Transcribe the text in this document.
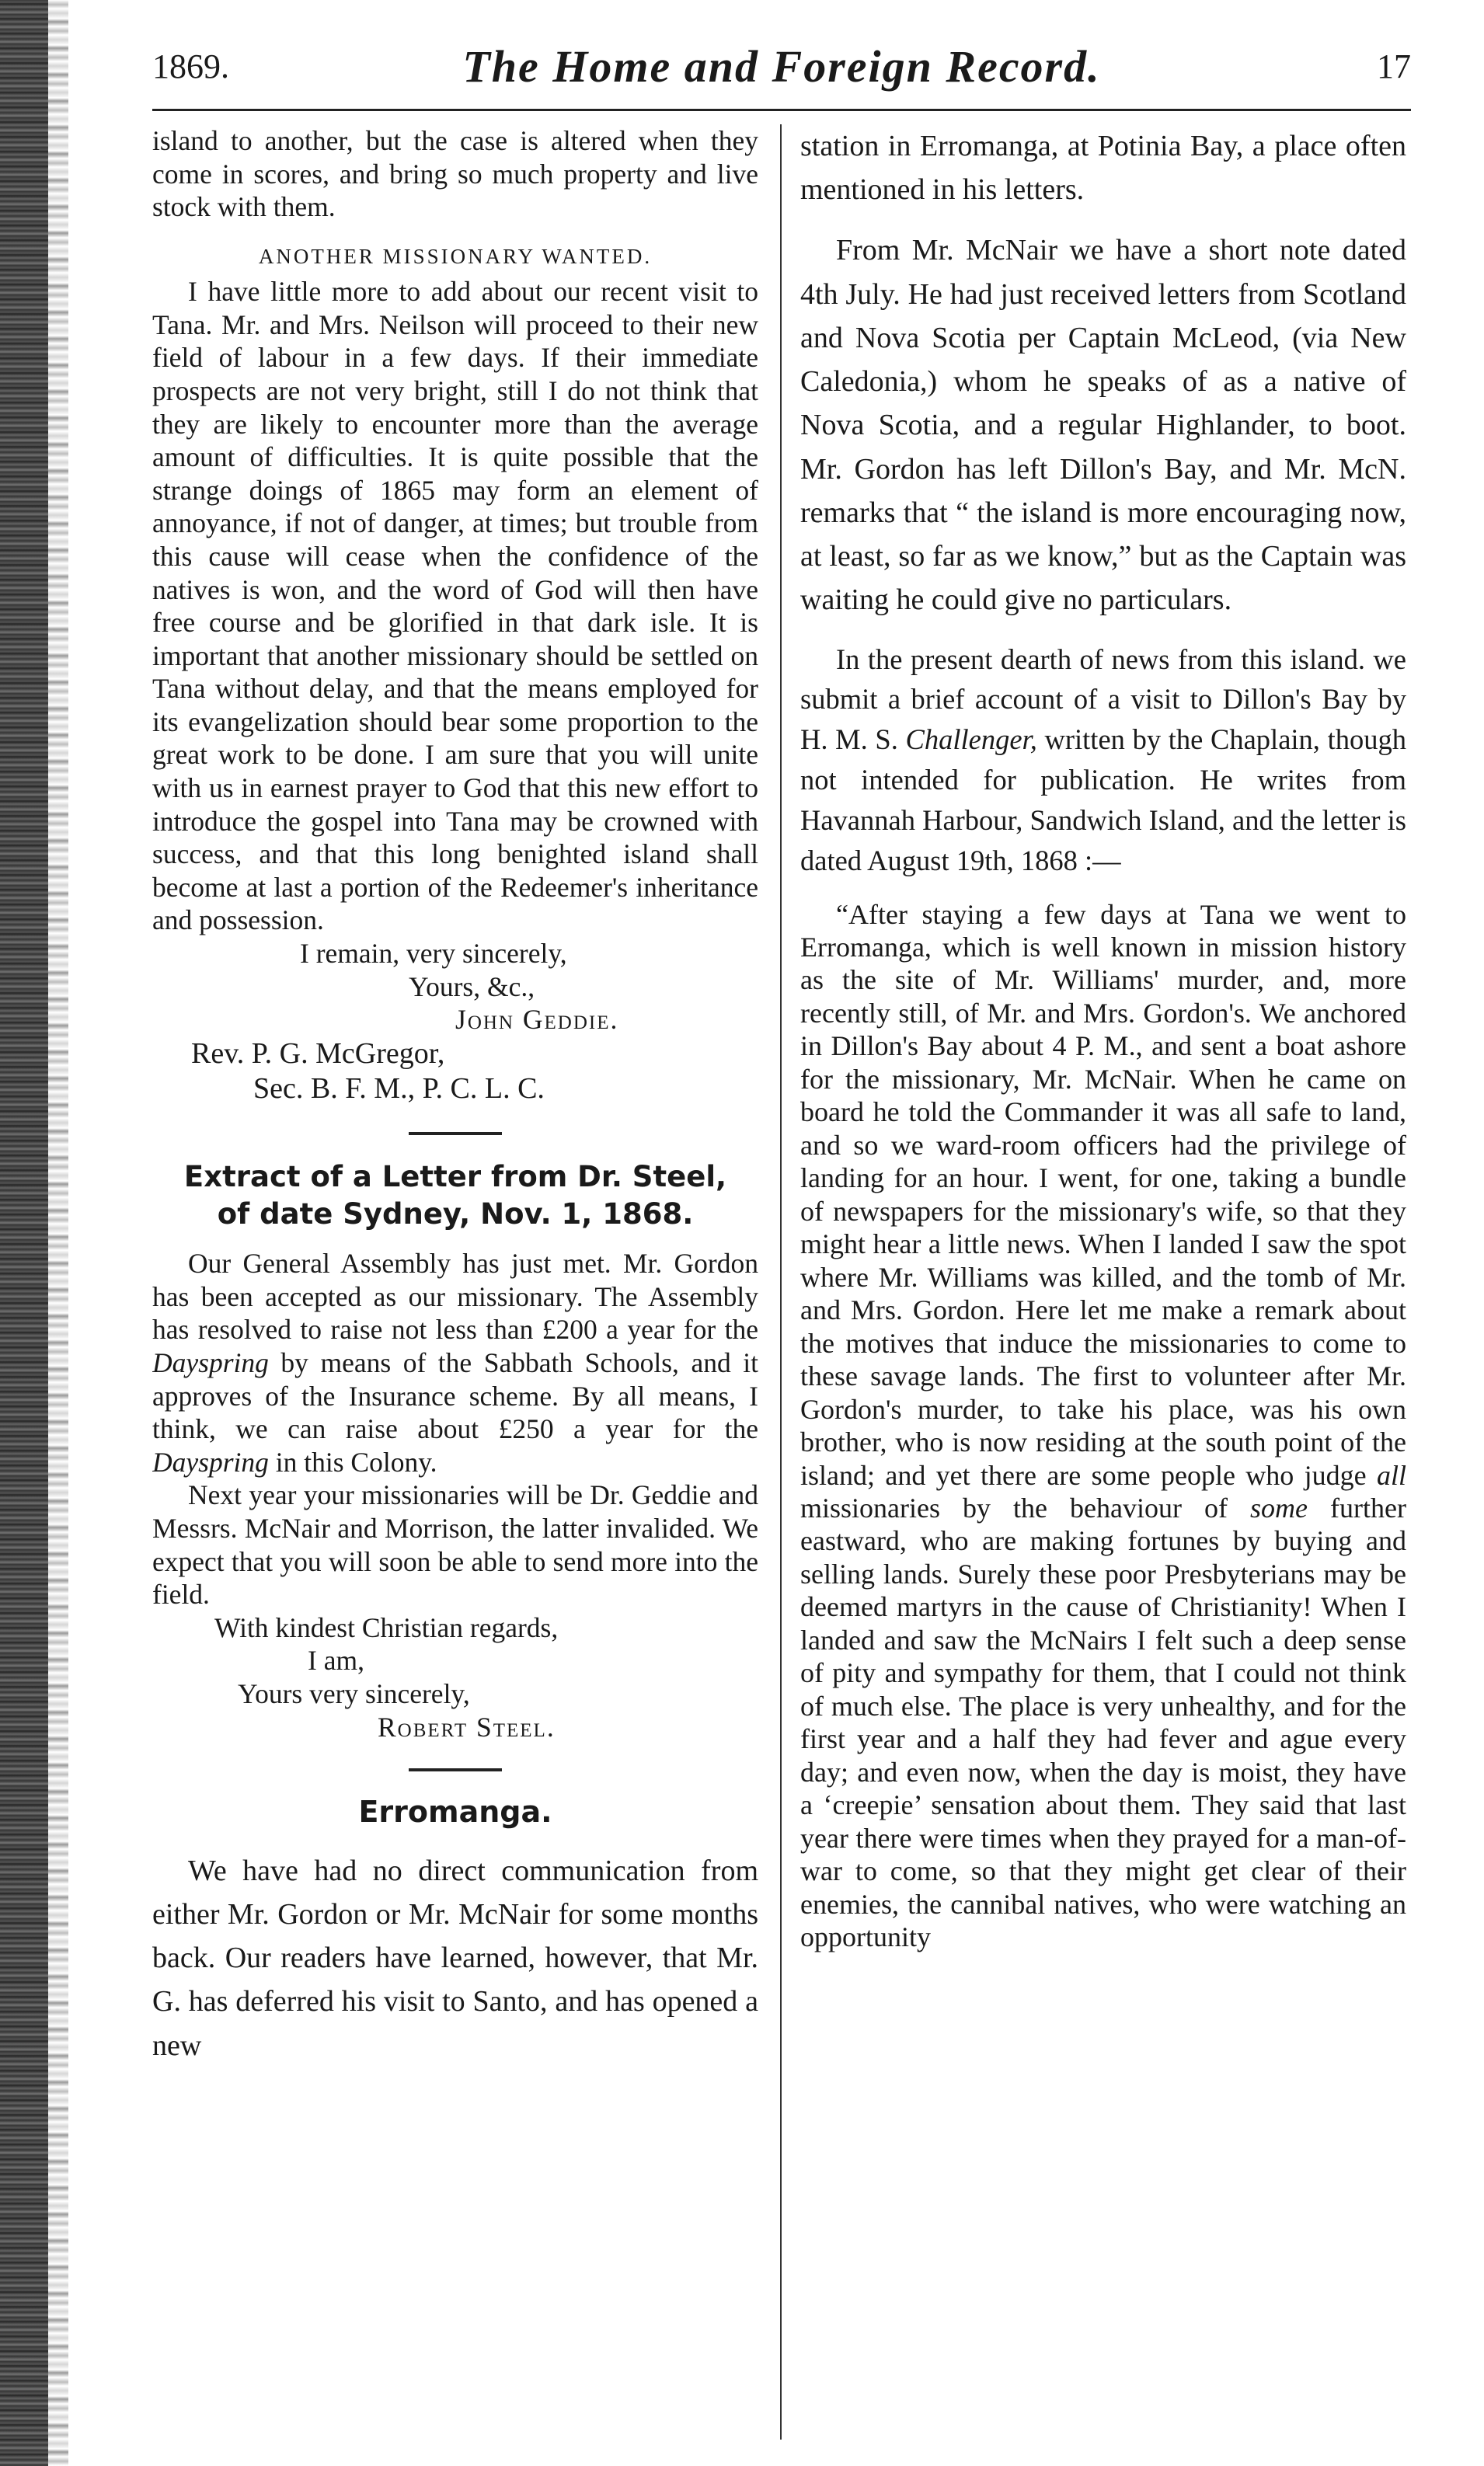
1869.	The Home and Foreign Record.	17

island to another, but the case is altered when they come in scores, and bring so much property and live stock with them.

ANOTHER MISSIONARY WANTED.

I have little more to add about our recent visit to Tana. Mr. and Mrs. Neilson will proceed to their new field of labour in a few days. If their immediate prospects are not very bright, still I do not think that they are likely to encounter more than the average amount of difficulties. It is quite possible that the strange doings of 1865 may form an element of annoyance, if not of danger, at times; but trouble from this cause will cease when the confidence of the natives is won, and the word of God will then have free course and be glorified in that dark isle. It is important that another missionary should be settled on Tana without delay, and that the means employed for its evangelization should bear some proportion to the great work to be done. I am sure that you will unite with us in earnest prayer to God that this new effort to introduce the gospel into Tana may be crowned with success, and that this long benighted island shall become at last a portion of the Redeemer's inheritance and possession.

I remain, very sincerely,

Yours, &c.,

John Geddie.

Rev. P. G. McGregor,

Sec. B. F. M., P. C. L. C.

Extract of a Letter from Dr. Steel,
of date Sydney, Nov. 1, 1868.

Our General Assembly has just met. Mr. Gordon has been accepted as our missionary. The Assembly has resolved to raise not less than £200 a year for the Dayspring by means of the Sabbath Schools, and it approves of the Insurance scheme. By all means, I think, we can raise about £250 a year for the Dayspring in this Colony.

Next year your missionaries will be Dr. Geddie and Messrs. McNair and Morrison, the latter invalided. We expect that you will soon be able to send more into the field.

With kindest Christian regards,

I am,

Yours very sincerely,

Robert Steel.

Erromanga.

We have had no direct communication from either Mr. Gordon or Mr. McNair for some months back. Our readers have learned, however, that Mr. G. has deferred his visit to Santo, and has opened a new

station in Erromanga, at Potinia Bay, a place often mentioned in his letters.

From Mr. McNair we have a short note dated 4th July. He had just received letters from Scotland and Nova Scotia per Captain McLeod, (via New Caledonia,) whom he speaks of as a native of Nova Scotia, and a regular Highlander, to boot. Mr. Gordon has left Dillon's Bay, and Mr. McN. remarks that “ the island is more encouraging now, at least, so far as we know,” but as the Captain was waiting he could give no particulars.

In the present dearth of news from this island. we submit a brief account of a visit to Dillon's Bay by H. M. S. Challenger, written by the Chaplain, though not intended for publication. He writes from Havannah Harbour, Sandwich Island, and the letter is dated August 19th, 1868 :—

“After staying a few days at Tana we went to Erromanga, which is well known in mission history as the site of Mr. Williams' murder, and, more recently still, of Mr. and Mrs. Gordon's. We anchored in Dillon's Bay about 4 P. M., and sent a boat ashore for the missionary, Mr. McNair. When he came on board he told the Commander it was all safe to land, and so we ward-room officers had the privilege of landing for an hour. I went, for one, taking a bundle of newspapers for the missionary's wife, so that they might hear a little news. When I landed I saw the spot where Mr. Williams was killed, and the tomb of Mr. and Mrs. Gordon. Here let me make a remark about the motives that induce the missionaries to come to these savage lands. The first to volunteer after Mr. Gordon's murder, to take his place, was his own brother, who is now residing at the south point of the island; and yet there are some people who judge all missionaries by the behaviour of some further eastward, who are making fortunes by buying and selling lands. Surely these poor Presbyterians may be deemed martyrs in the cause of Christianity! When I landed and saw the McNairs I felt such a deep sense of pity and sympathy for them, that I could not think of much else. The place is very unhealthy, and for the first year and a half they had fever and ague every day; and even now, when the day is moist, they have a ‘creepie’ sensation about them. They said that last year there were times when they prayed for a man-of-war to come, so that they might get clear of their enemies, the cannibal natives, who were watching an opportunity
